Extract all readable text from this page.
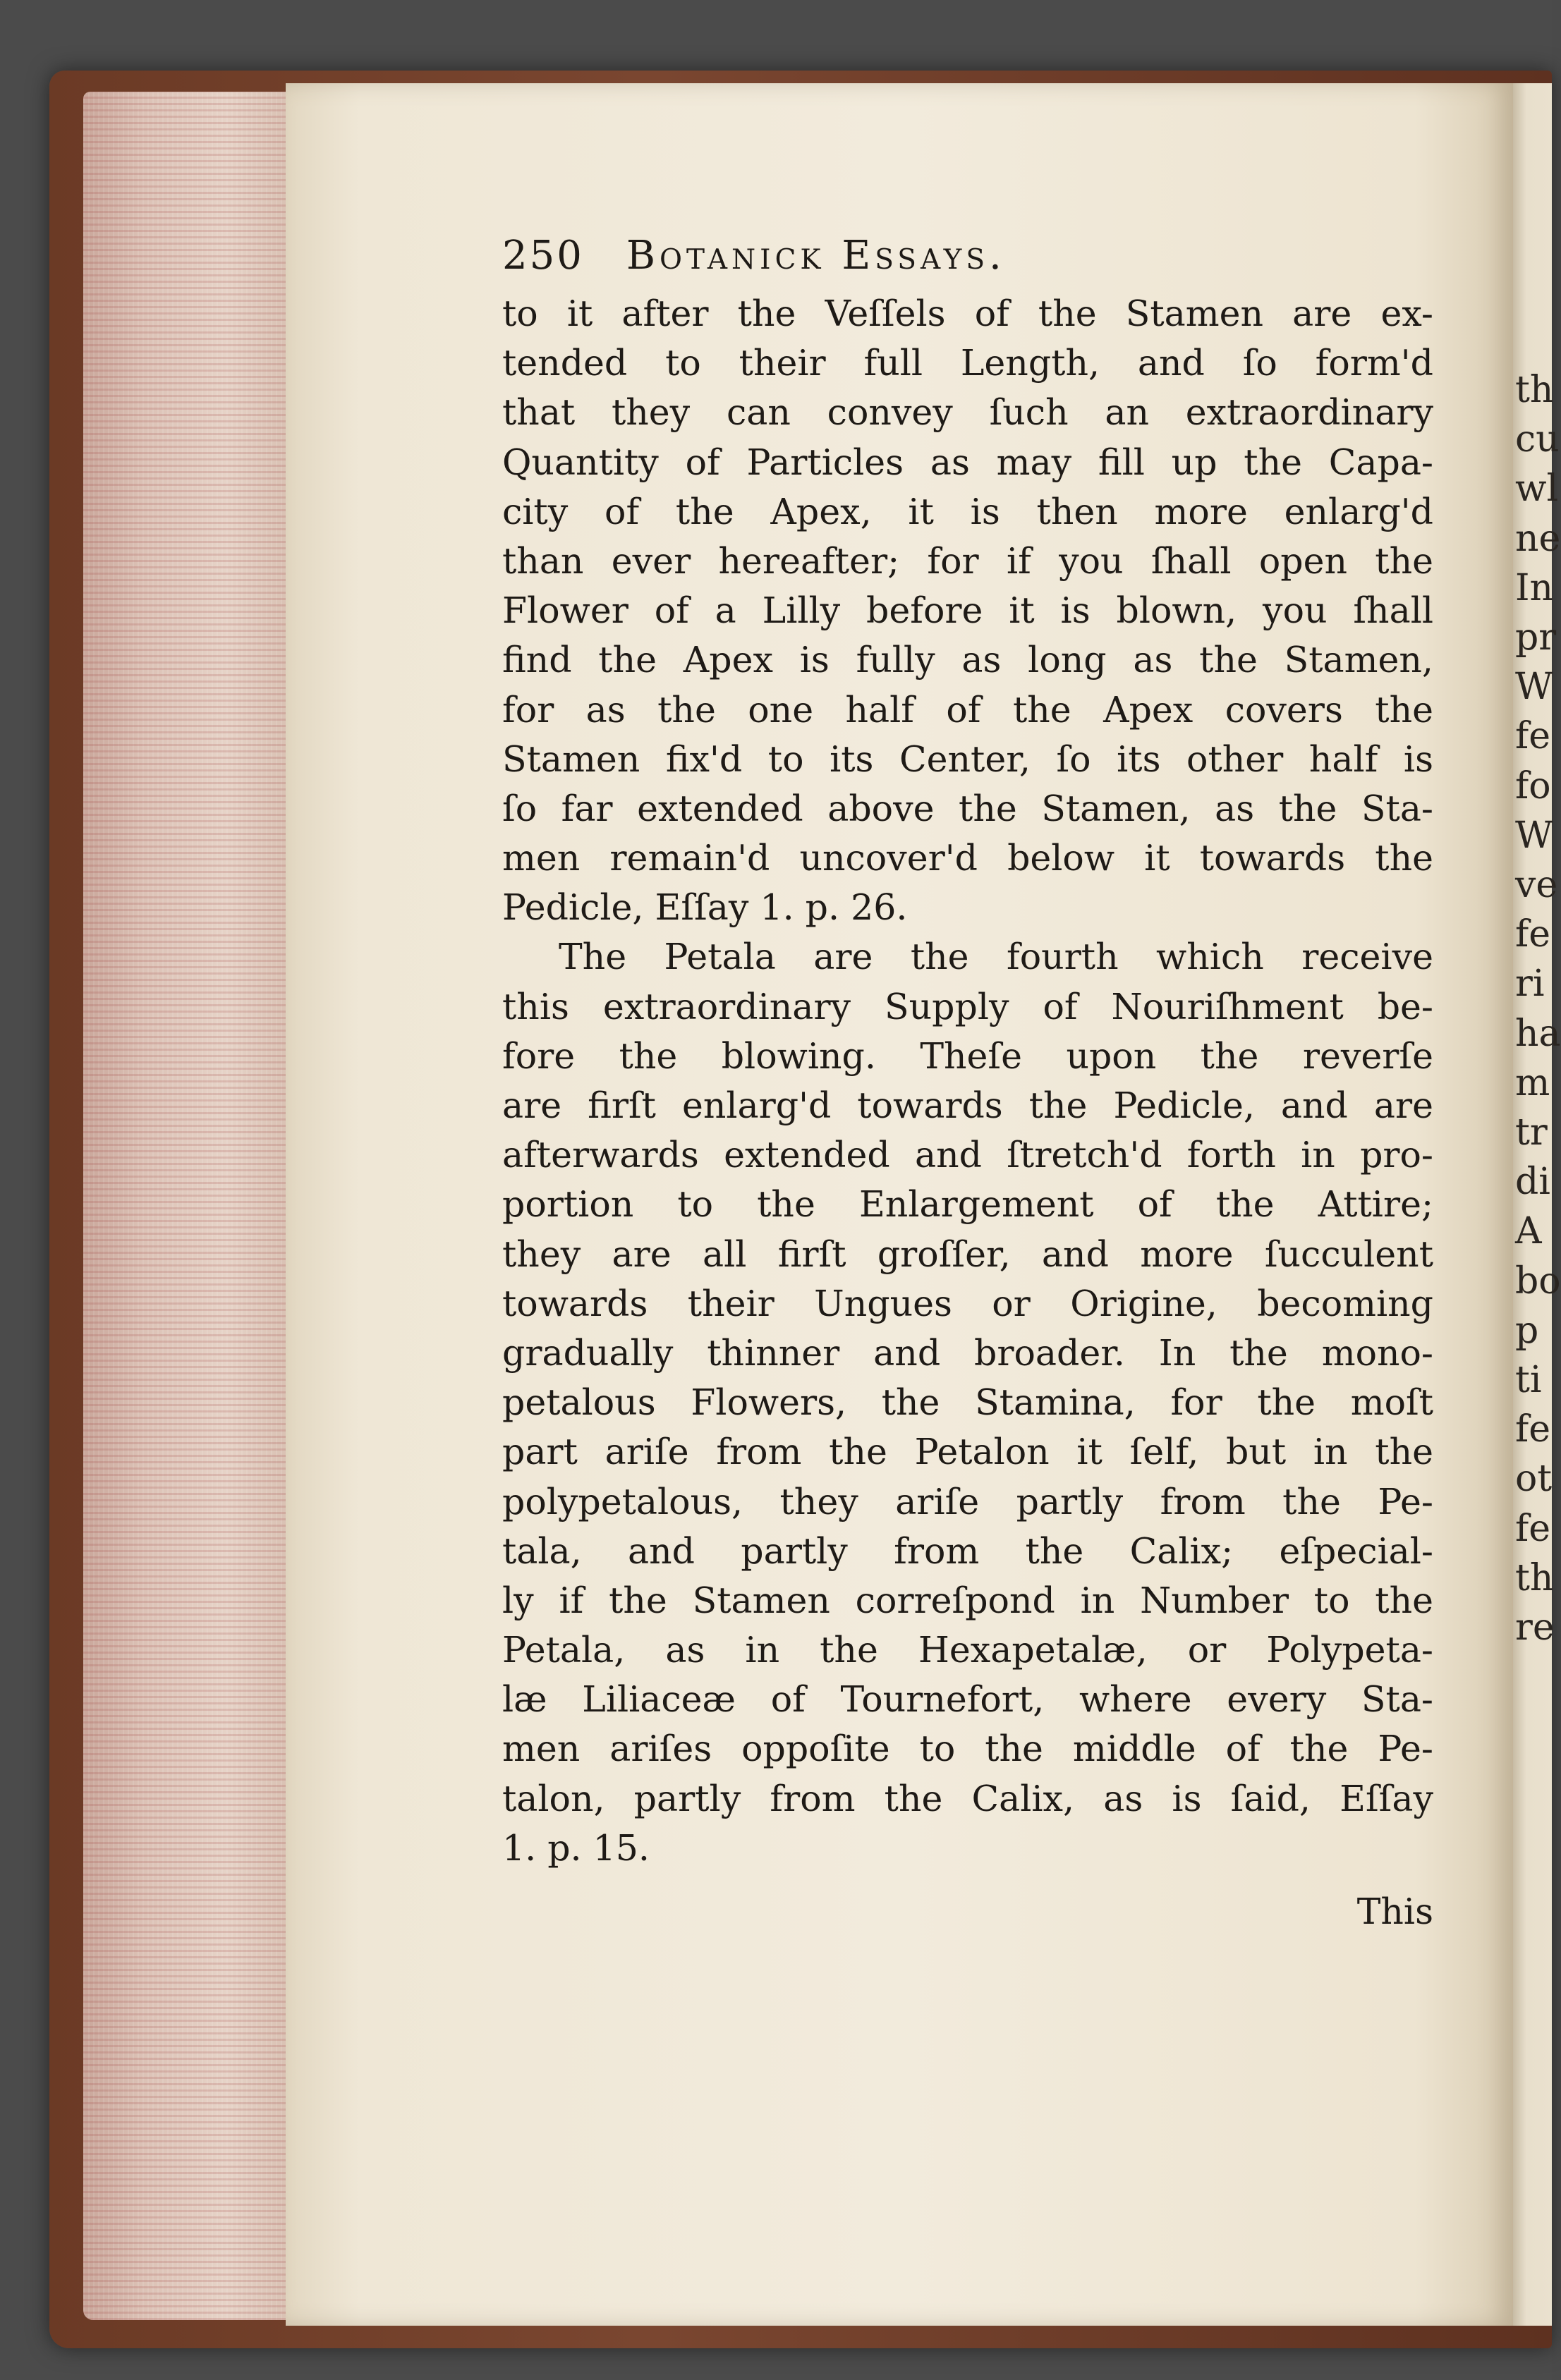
th
cu
wl
ne
In
pr
W
fe
fo
W
ve
fe
ri
ha
m
tr
di
A
bo
p
ti
fe
ot
fe
th
re
250 Botanick Essays.
to it after the Veſſels of the Stamen are ex-
tended to their full Length, and ſo form'd
that they can convey ſuch an extraordinary
Quantity of Particles as may fill up the Capa-
city of the Apex, it is then more enlarg'd
than ever hereafter; for if you ſhall open the
Flower of a Lilly before it is blown, you ſhall
find the Apex is fully as long as the Stamen,
for as the one half of the Apex covers the
Stamen fix'd to its Center, ſo its other half is
ſo far extended above the Stamen, as the Sta-
men remain'd uncover'd below it towards the
Pedicle, Eſſay 1. p. 26.
The Petala are the fourth which receive
this extraordinary Supply of Nouriſhment be-
fore the blowing. Theſe upon the reverſe
are firſt enlarg'd towards the Pedicle, and are
afterwards extended and ſtretch'd forth in pro-
portion to the Enlargement of the Attire;
they are all firſt groſſer, and more ſucculent
towards their Ungues or Origine, becoming
gradually thinner and broader. In the mono-
petalous Flowers, the Stamina, for the moſt
part ariſe from the Petalon it ſelf, but in the
polypetalous, they ariſe partly from the Pe-
tala, and partly from the Calix; eſpecial-
ly if the Stamen correſpond in Number to the
Petala, as in the Hexapetalæ, or Polypeta-
læ Liliaceæ of Tournefort, where every Sta-
men ariſes oppoſite to the middle of the Pe-
talon, partly from the Calix, as is ſaid, Eſſay
1. p. 15.
This
